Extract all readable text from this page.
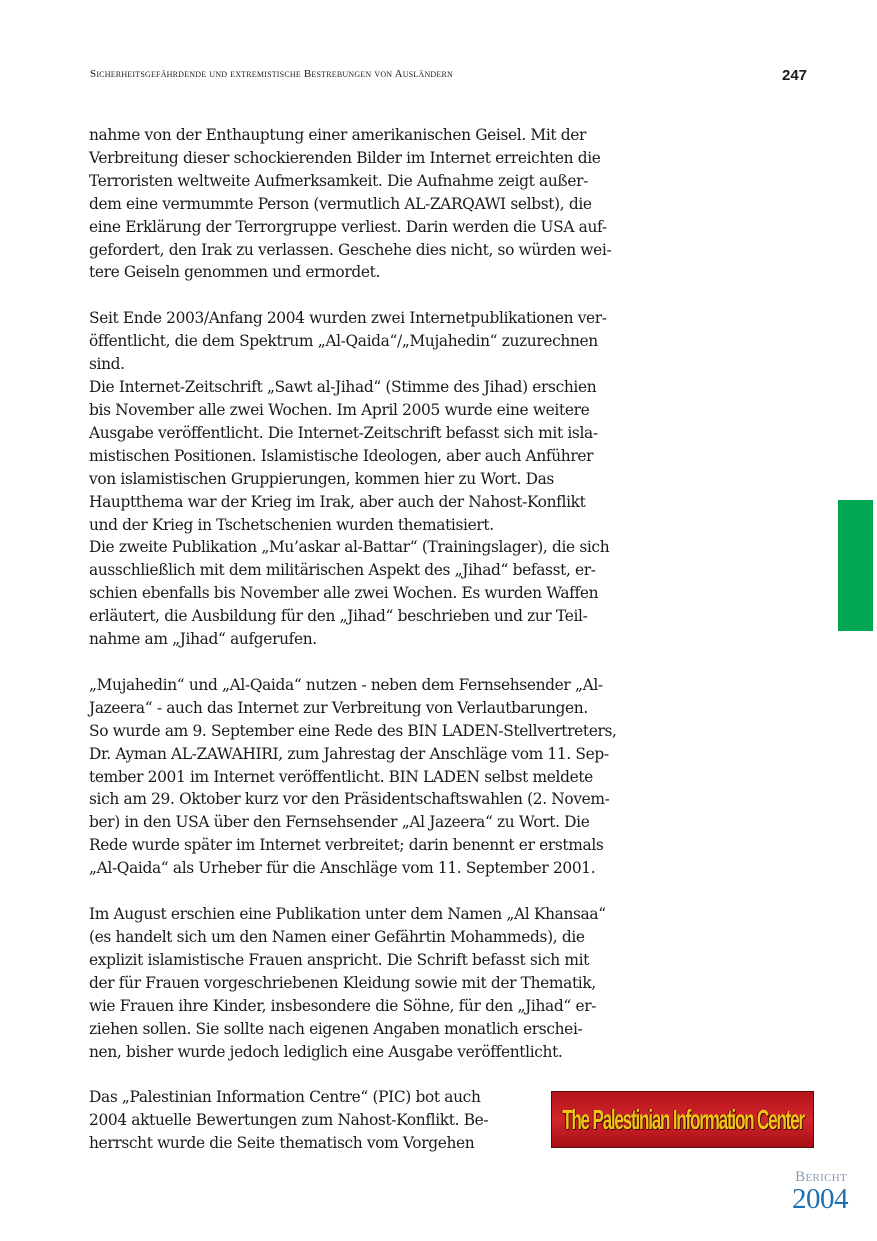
Sicherheitsgefährdende und extremistische Bestrebungen von Ausländern	247

nahme von der Enthauptung einer amerikanischen Geisel. Mit der

Verbreitung dieser schockierenden Bilder im Internet erreichten die

Terroristen weltweite Aufmerksamkeit. Die Aufnahme zeigt außer-

dem eine vermummte Person (vermutlich AL-ZARQAWI selbst), die

eine Erklärung der Terrorgruppe verliest. Darin werden die USA auf-

gefordert, den Irak zu verlassen. Geschehe dies nicht, so würden wei-

tere Geiseln genommen und ermordet.

Seit Ende 2003/Anfang 2004 wurden zwei Internetpublikationen ver-

öffentlicht, die dem Spektrum „Al-Qaida“/„Mujahedin“ zuzurechnen

sind.

Die Internet-Zeitschrift „Sawt al-Jihad“ (Stimme des Jihad) erschien

bis November alle zwei Wochen. Im April 2005 wurde eine weitere

Ausgabe veröffentlicht. Die Internet-Zeitschrift befasst sich mit isla-

mistischen Positionen. Islamistische Ideologen, aber auch Anführer

von islamistischen Gruppierungen, kommen hier zu Wort. Das

Hauptthema war der Krieg im Irak, aber auch der Nahost-Konflikt

und der Krieg in Tschetschenien wurden thematisiert.

Die zweite Publikation „Mu’askar al-Battar“ (Trainingslager), die sich

ausschließlich mit dem militärischen Aspekt des „Jihad“ befasst, er-

schien ebenfalls bis November alle zwei Wochen. Es wurden Waffen

erläutert, die Ausbildung für den „Jihad“ beschrieben und zur Teil-

nahme am „Jihad“ aufgerufen.

„Mujahedin“ und „Al-Qaida“ nutzen - neben dem Fernsehsender „Al-

Jazeera“ - auch das Internet zur Verbreitung von Verlautbarungen.

So wurde am 9. September eine Rede des BIN LADEN-Stellvertreters,

Dr. Ayman AL-ZAWAHIRI, zum Jahrestag der Anschläge vom 11. Sep-

tember 2001 im Internet veröffentlicht. BIN LADEN selbst meldete

sich am 29. Oktober kurz vor den Präsidentschaftswahlen (2. Novem-

ber) in den USA über den Fernsehsender „Al Jazeera“ zu Wort. Die

Rede wurde später im Internet verbreitet; darin benennt er erstmals

„Al-Qaida“ als Urheber für die Anschläge vom 11. September 2001.

Im August erschien eine Publikation unter dem Namen „Al Khansaa“

(es handelt sich um den Namen einer Gefährtin Mohammeds), die

explizit islamistische Frauen anspricht. Die Schrift befasst sich mit

der für Frauen vorgeschriebenen Kleidung sowie mit der Thematik,

wie Frauen ihre Kinder, insbesondere die Söhne, für den „Jihad“ er-

ziehen sollen. Sie sollte nach eigenen Angaben monatlich erschei-

nen, bisher wurde jedoch lediglich eine Ausgabe veröffentlicht.

Das „Palestinian Information Centre“ (PIC) bot auch

2004 aktuelle Bewertungen zum Nahost-Konflikt. Be-

herrscht wurde die Seite thematisch vom Vorgehen

The Palestinian Information Center
Bericht
2004
